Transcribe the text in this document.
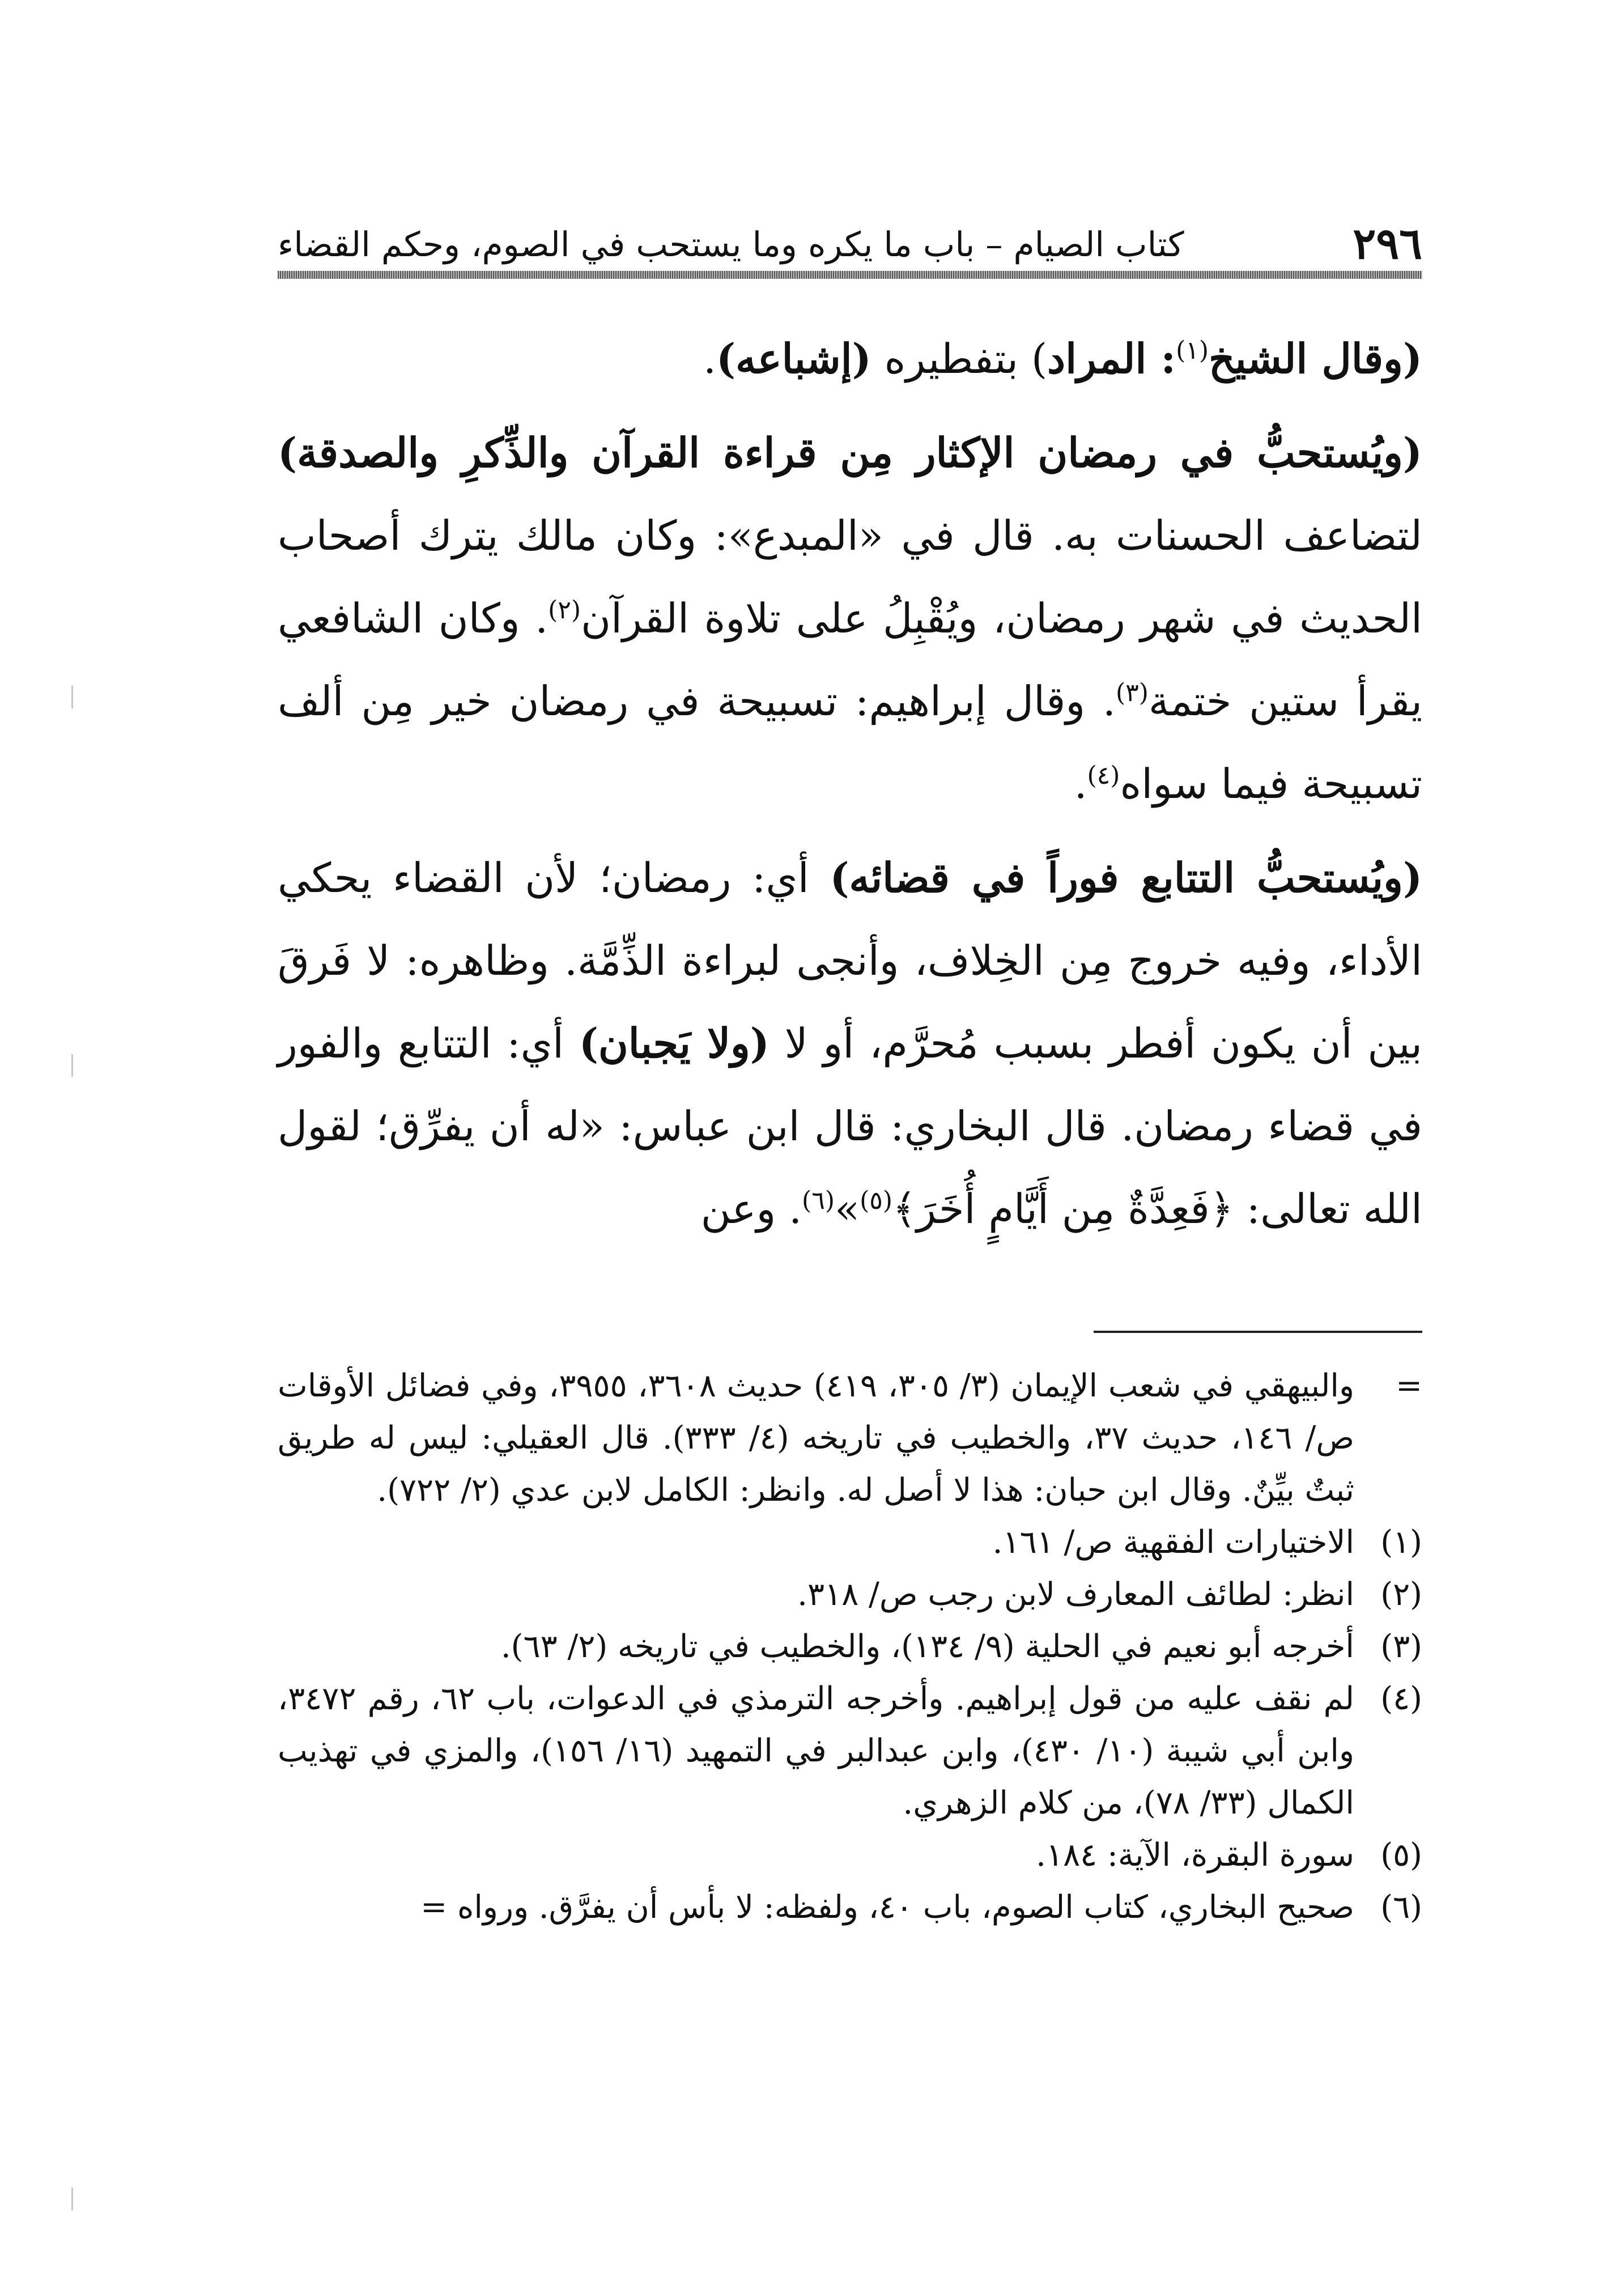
٢٩٦
كتاب الصيام – باب ما يكره وما يستحب في الصوم، وحكم القضاء

(وقال الشيخ$^{(١)}$: المراد) بتفطيره (إشباعه).

(ويُستحبُّ في رمضان الإكثار مِن قراءة القرآن والذِّكرِ والصدقة) لتضاعف الحسنات به. قال في «المبدع»: وكان مالك يترك أصحاب الحديث في شهر رمضان، ويُقْبِلُ على تلاوة القرآن$^{(٢)}$. وكان الشافعي يقرأ ستين ختمة$^{(٣)}$. وقال إبراهيم: تسبيحة في رمضان خير مِن ألف تسبيحة فيما سواه$^{(٤)}$.

(ويُستحبُّ التتابع فوراً في قضائه) أي: رمضان؛ لأن القضاء يحكي الأداء، وفيه خروج مِن الخِلاف، وأنجى لبراءة الذِّمَّة. وظاهره: لا فَرقَ بين أن يكون أفطر بسبب مُحرَّم، أو لا (ولا يَجبان) أي: التتابع والفور في قضاء رمضان. قال البخاري: قال ابن عباس: «له أن يفرِّق؛ لقول الله تعالى: ﴿فَعِدَّةٌ مِن أَيَّامٍ أُخَرَ﴾$^{(٥)}$»$^{(٦)}$. وعن

=
والبيهقي في شعب الإيمان (٣/ ٣٠٥، ٤١٩) حديث ٣٦٠٨، ٣٩٥٥، وفي فضائل الأوقات ص/ ١٤٦، حديث ٣٧، والخطيب في تاريخه (٤/ ٣٣٣). قال العقيلي: ليس له طريق ثبتٌ بيِّنٌ. وقال ابن حبان: هذا لا أصل له. وانظر: الكامل لابن عدي (٢/ ٧٢٢).
(١)
الاختيارات الفقهية ص/ ١٦١.
(٢)
انظر: لطائف المعارف لابن رجب ص/ ٣١٨.
(٣)
أخرجه أبو نعيم في الحلية (٩/ ١٣٤)، والخطيب في تاريخه (٢/ ٦٣).
(٤)
لم نقف عليه من قول إبراهيم. وأخرجه الترمذي في الدعوات، باب ٦٢، رقم ٣٤٧٢، وابن أبي شيبة (١٠/ ٤٣٠)، وابن عبدالبر في التمهيد (١٦/ ١٥٦)، والمزي في تهذيب الكمال (٣٣/ ٧٨)، من كلام الزهري.
(٥)
سورة البقرة، الآية: ١٨٤.
(٦)
صحيح البخاري، كتاب الصوم، باب ٤٠، ولفظه: لا بأس أن يفرَّق. ورواه =
